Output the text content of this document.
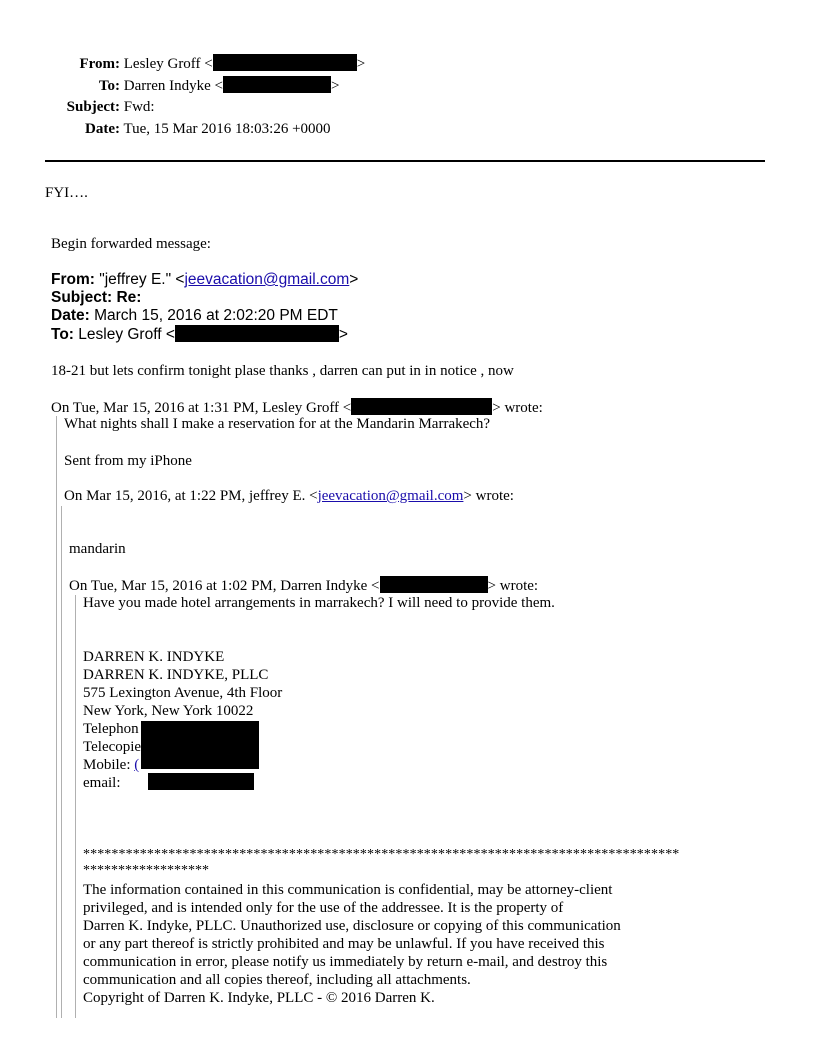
From: Lesley Groff <	>
To: Darren Indyke <	>
Subject: Fwd:
Date: Tue, 15 Mar 2016 18:03:26 +0000
FYI….
Begin forwarded message:
From: "jeffrey E." <jeevacation@gmail.com>
Subject: Re:
Date: March 15, 2016 at 2:02:20 PM EDT
To: Lesley Groff <	>
18-21 but lets confirm tonight plase thanks , darren can put in in notice , now
On Tue, Mar 15, 2016 at 1:31 PM, Lesley Groff <	> wrote:
What nights shall I make a reservation for at the Mandarin Marrakech?
Sent from my iPhone
On Mar 15, 2016, at 1:22 PM, jeffrey E. <jeevacation@gmail.com> wrote:
mandarin
On Tue, Mar 15, 2016 at 1:02 PM, Darren Indyke <	> wrote:
Have you made hotel arrangements in marrakech? I will need to provide them.
DARREN K. INDYKE
DARREN K. INDYKE, PLLC
575 Lexington Avenue, 4th Floor
New York, New York 10022
Telephon
Telecopie
Mobile: (
email:
************************************************************************************
******************
The information contained in this communication is confidential, may be attorney-client
privileged, and is intended only for the use of the addressee. It is the property of
Darren K. Indyke, PLLC. Unauthorized use, disclosure or copying of this communication
or any part thereof is strictly prohibited and may be unlawful. If you have received this
communication in error, please notify us immediately by return e-mail, and destroy this
communication and all copies thereof, including all attachments.
Copyright of Darren K. Indyke, PLLC - © 2016 Darren K.
